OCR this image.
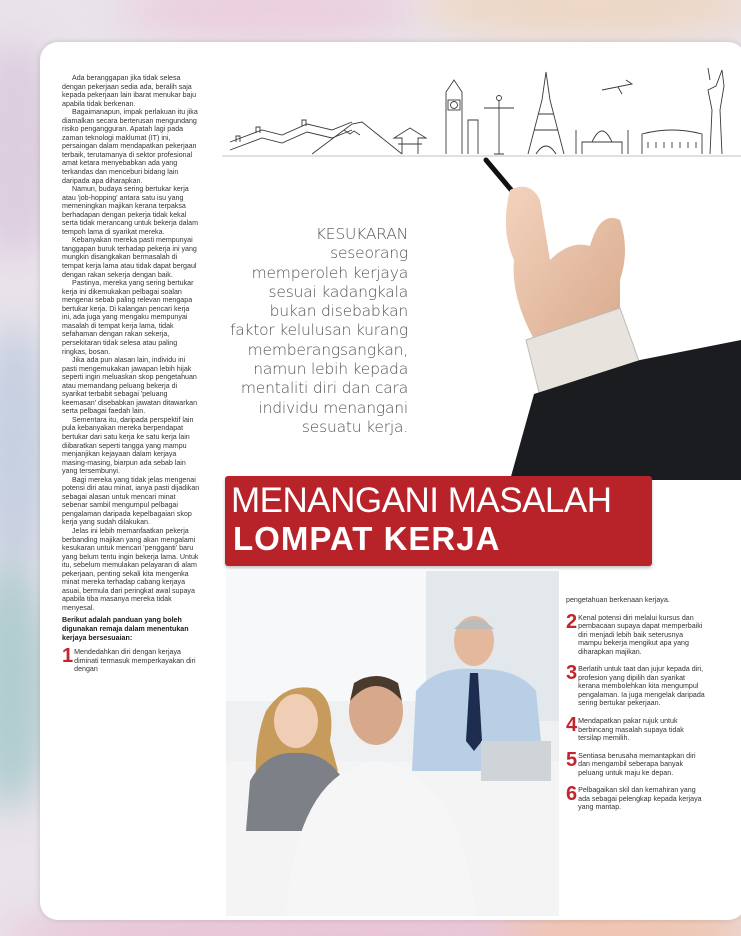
Ada beranggapan jika tidak selesa dengan pekerjaan sedia ada, beralih saja kepada pekerjaan lain ibarat menukar baju apabila tidak berkenan.

Bagaimanapun, impak perlakuan itu jika diamalkan secara berterusan mengundang risiko pengangguran. Apatah lagi pada zaman teknologi maklumat (IT) ini, persaingan dalam mendapatkan pekerjaan terbaik, terutamanya di sektor profesional amat ketara menyebabkan ada yang terkandas dan menceburi bidang lain daripada apa diharapkan.

Namun, budaya sering bertukar kerja atau 'job-hopping' antara satu isu yang memeningkan majikan kerana terpaksa berhadapan dengan pekerja tidak kekal serta tidak merancang untuk bekerja dalam tempoh lama di syarikat mereka.

Kebanyakan mereka pasti mempunyai tanggapan buruk terhadap pekerja ini yang mungkin disangkakan bermasalah di tempat kerja lama atau tidak dapat bergaul dengan rakan sekerja dengan baik.

Pastinya, mereka yang sering bertukar kerja ini dikemukakan pelbagai soalan mengenai sebab paling relevan mengapa bertukar kerja. Di kalangan pencari kerja ini, ada juga yang mengaku mempunyai masalah di tempat kerja lama, tidak sefahaman dengan rakan sekerja, persekitaran tidak selesa atau paling ringkas, bosan.

Jika ada pun alasan lain, individu ini pasti mengemukakan jawapan lebih hijak seperti ingin meluaskan skop pengetahuan atau memandang peluang bekerja di syarikat terbabit sebagai 'peluang keemasan' disebabkan jawatan ditawarkan serta pelbagai faedah lain.

Sementara itu, daripada perspektif lain pula kebanyakan mereka berpendapat bertukar dari satu kerja ke satu kerja lain diibaratkan seperti tangga yang mampu menjanjikan kejayaan dalam kerjaya masing-masing, biarpun ada sebab lain yang tersembunyi.

Bagi mereka yang tidak jelas mengenai potensi diri atau minat, ianya pasti dijadikan sebagai alasan untuk mencari minat sebenar sambil mengumpul pelbagai pengalaman daripada kepelbagaian skop kerja yang sudah dilakukan.

Jelas ini lebih memanfaatkan pekerja berbanding majikan yang akan mengalami kesukaran untuk mencari 'pengganti' baru yang belum tentu ingin bekerja lama. Untuk itu, sebelum memulakan pelayaran di alam pekerjaan, penting sekali kita mengenka minat mereka terhadap cabang kerjaya asuai, bermula dari peringkat awal supaya apabila tiba masanya mereka tidak menyesal.

Berikut adalah panduan yang boleh digunakan remaja dalam menentukan kerjaya bersesuaian:

1 Mendedahkan diri dengan kerjaya diminati termasuk memperkayakan diri dengan
KESUKARAN
seseorang
memperoleh kerjaya
sesuai kadangkala
bukan disebabkan
faktor kelulusan kurang
memberangsangkan,
namun lebih kepada
mentaliti diri dan cara
individu menangani
sesuatu kerja.
MENANGANI MASALAH
LOMPAT KERJA

pengetahuan berkenaan kerjaya.

2 Kenal potensi diri melalui kursus dan pembacaan supaya dapat memperbaiki diri menjadi lebih baik seterusnya mampu bekerja mengikut apa yang diharapkan majikan.
3 Berlatih untuk taat dan jujur kepada diri, profesion yang dipilih dan syarikat kerana membolehkan kita mengumpul pengalaman. Ia juga mengelak daripada sering bertukar pekerjaan.
4 Mendapatkan pakar rujuk untuk berbincang masalah supaya tidak tersilap memilih.
5 Sentiasa berusaha memantapkan diri dan mengambil seberapa banyak peluang untuk maju ke depan.
6 Pelbagaikan skil dan kemahiran yang ada sebagai pelengkap kepada kerjaya yang mantap.
